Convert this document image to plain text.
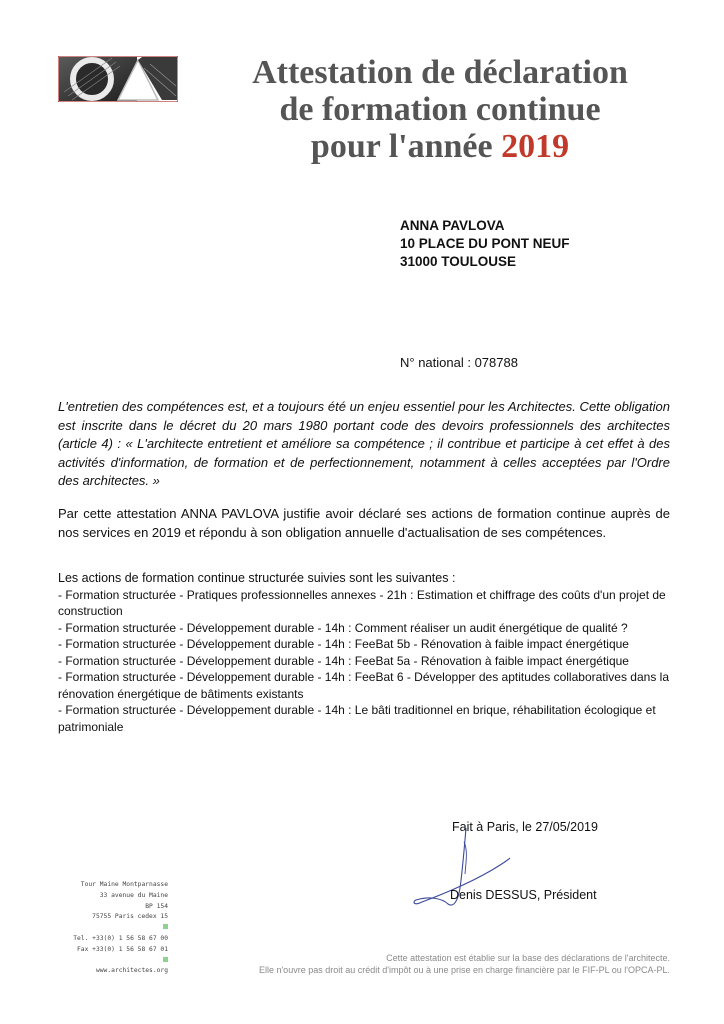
Attestation de déclaration
de formation continue
pour l'année 2019
ANNA PAVLOVA
10 PLACE DU PONT NEUF
31000 TOULOUSE
N° national : 078788

L'entretien des compétences est, et a toujours été un enjeu essentiel pour les Architectes. Cette obligation est inscrite dans le décret du 20 mars 1980 portant code des devoirs professionnels des architectes (article 4) : « L'architecte entretient et améliore sa compétence ; il contribue et participe à cet effet à des activités d'information, de formation et de perfectionnement, notamment à celles acceptées par l'Ordre des architectes. »

Par cette attestation ANNA PAVLOVA justifie avoir déclaré ses actions de formation continue auprès de nos services en 2019 et répondu à son obligation annuelle d'actualisation de ses compétences.

Les actions de formation continue structurée suivies sont les suivantes :
- Formation structurée - Pratiques professionnelles annexes - 21h : Estimation et chiffrage des coûts d'un projet de construction
- Formation structurée - Développement durable - 14h : Comment réaliser un audit énergétique de qualité ?
- Formation structurée - Développement durable - 14h : FeeBat 5b - Rénovation à faible impact énergétique
- Formation structurée - Développement durable - 14h : FeeBat 5a - Rénovation à faible impact énergétique
- Formation structurée - Développement durable - 14h : FeeBat 6 - Développer des aptitudes collaboratives dans la rénovation énergétique de bâtiments existants
- Formation structurée - Développement durable - 14h : Le bâti traditionnel en brique, réhabilitation écologique et patrimoniale
Fait à Paris, le 27/05/2019
Denis DESSUS, Président
Tour Maine Montparnasse
33 avenue du Maine
BP 154
75755 Paris cedex 15
Tel. +33(0) 1 56 58 67 00
Fax +33(0) 1 56 58 67 01
www.architectes.org
Cette attestation est établie sur la base des déclarations de l'architecte.
Elle n'ouvre pas droit au crédit d'impôt ou à une prise en charge financière par le FIF-PL ou l'OPCA-PL.
